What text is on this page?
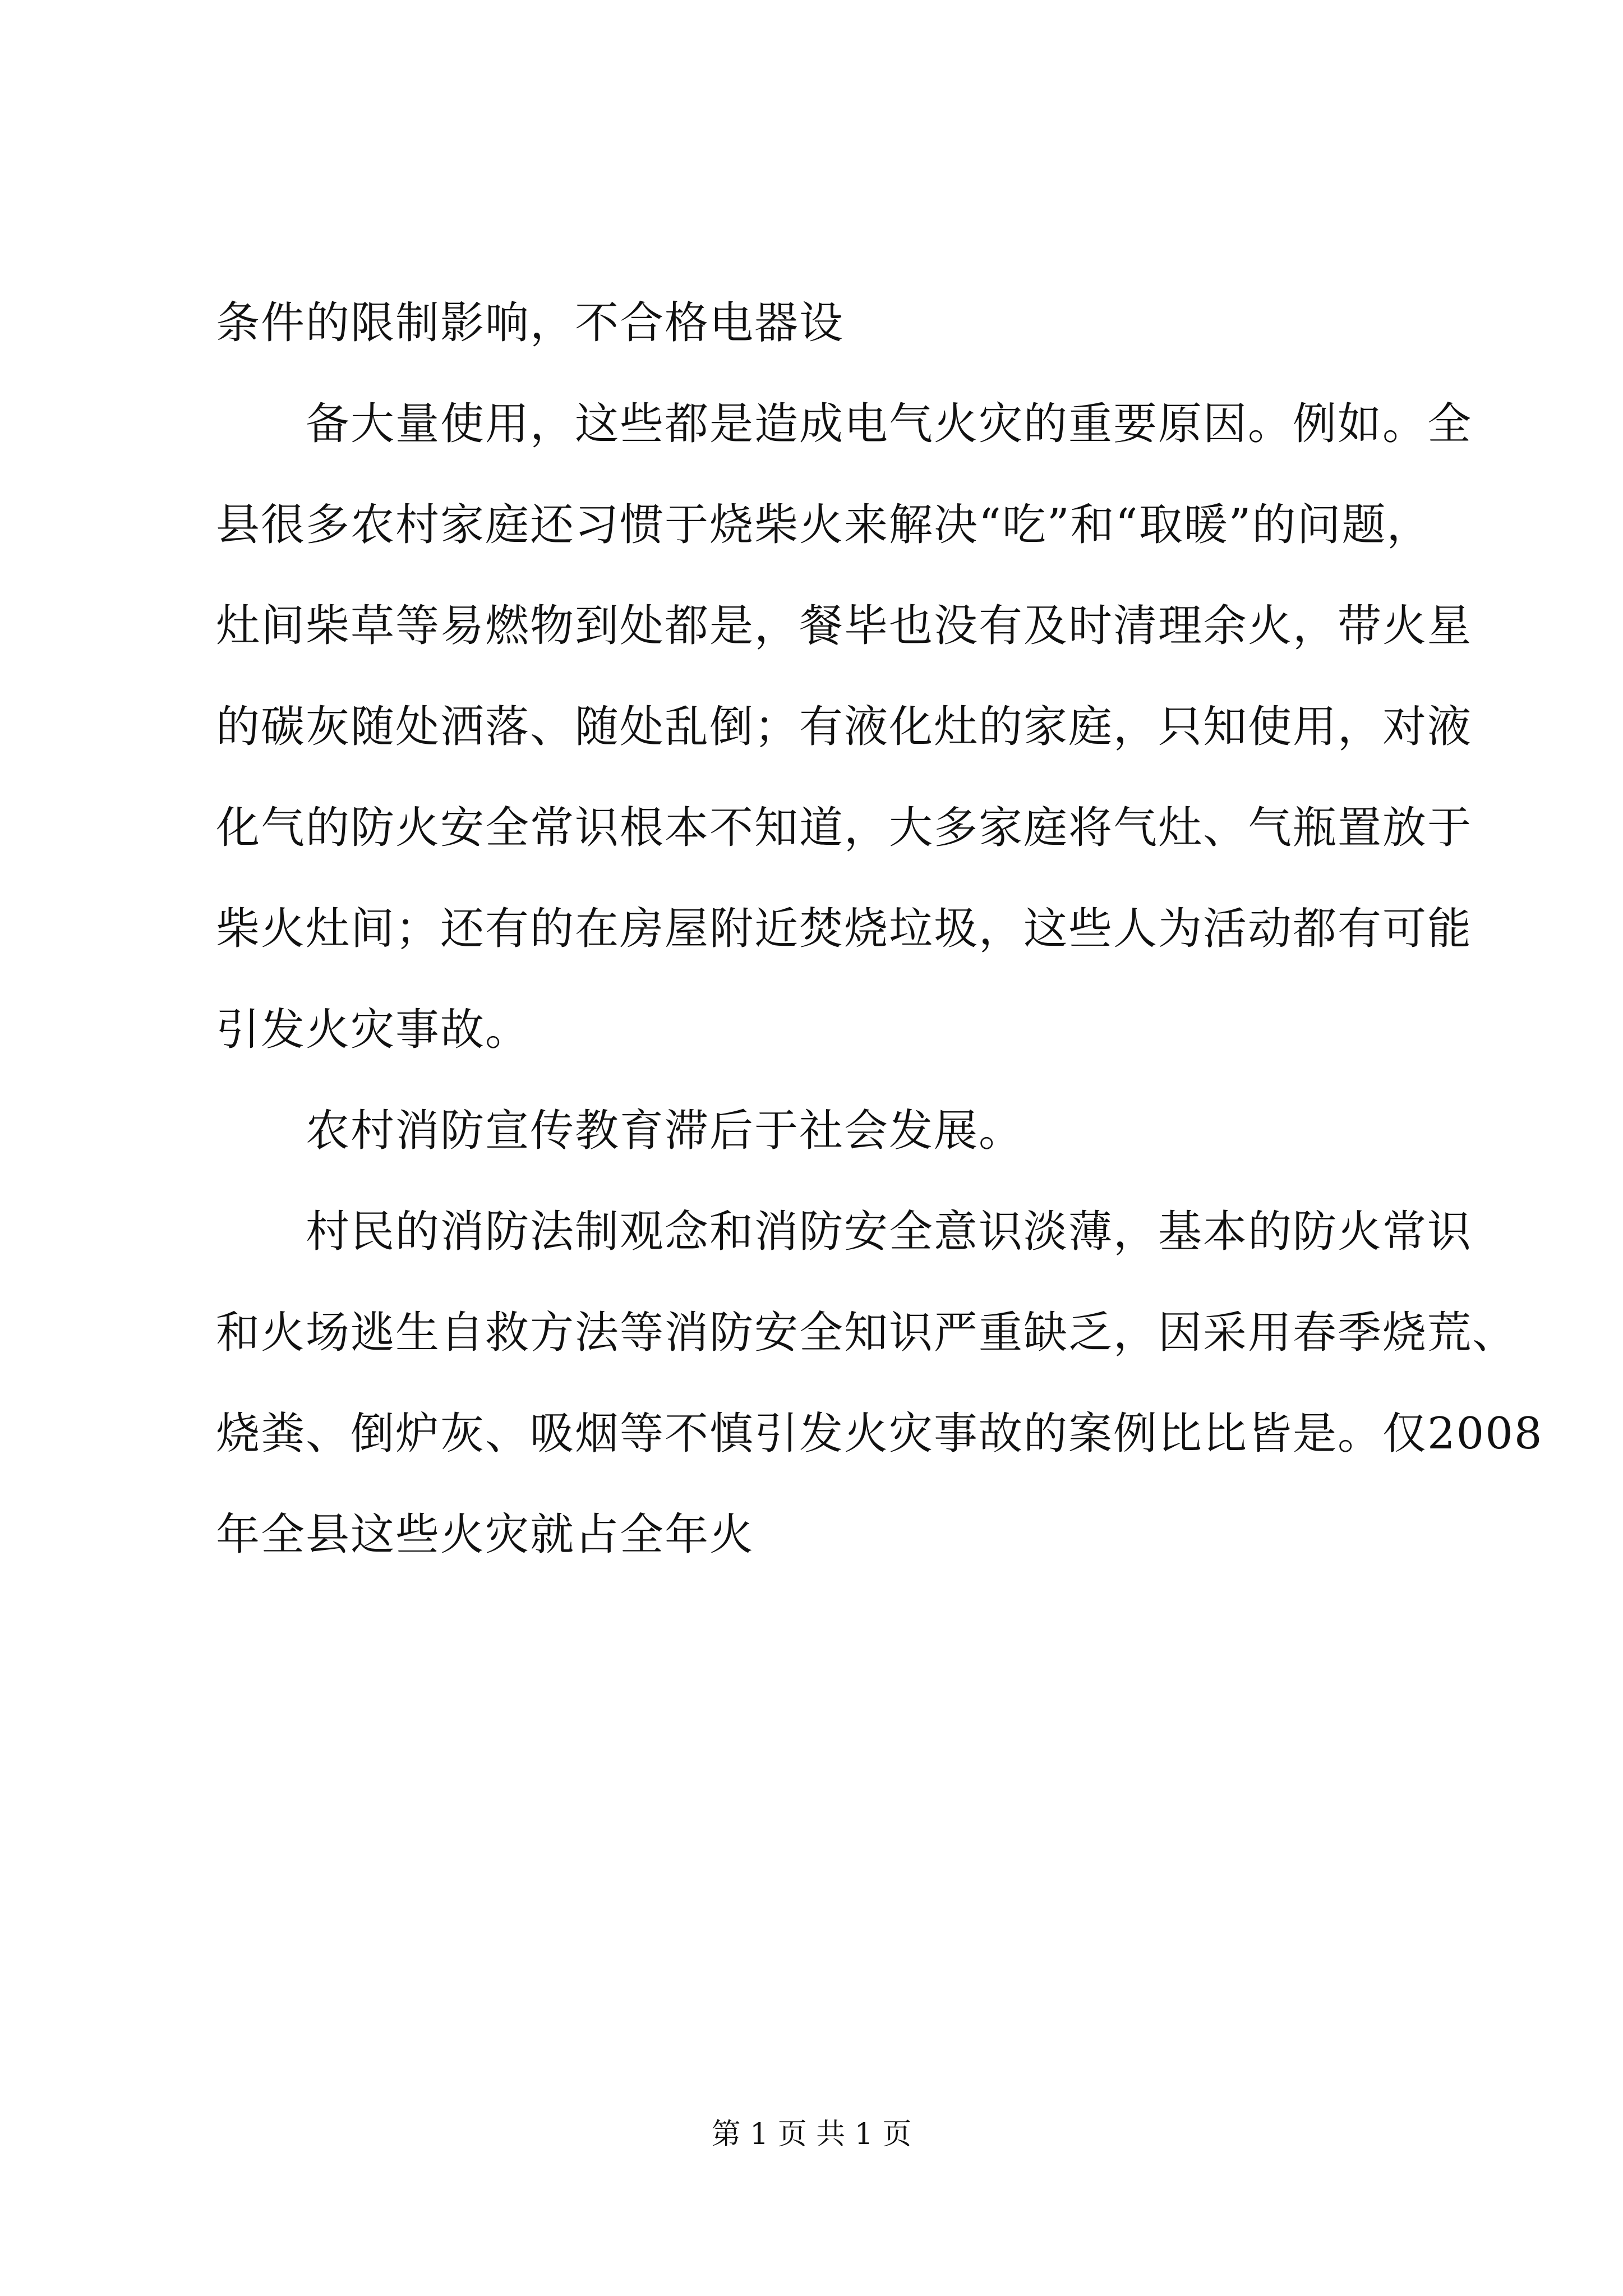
条件的限制影响，不合格电器设
备大量使用，这些都是造成电气火灾的重要原因。例如。全
县很多农村家庭还习惯于烧柴火来解决“吃”和“取暖”的问题，
灶间柴草等易燃物到处都是，餐毕也没有及时清理余火，带火星
的碳灰随处洒落、随处乱倒；有液化灶的家庭，只知使用，对液
化气的防火安全常识根本不知道，大多家庭将气灶、气瓶置放于
柴火灶间；还有的在房屋附近焚烧垃圾，这些人为活动都有可能
引发火灾事故。
农村消防宣传教育滞后于社会发展。
村民的消防法制观念和消防安全意识淡薄，基本的防火常识
和火场逃生自救方法等消防安全知识严重缺乏，因采用春季烧荒、
烧粪、倒炉灰、吸烟等不慎引发火灾事故的案例比比皆是。仅2008
年全县这些火灾就占全年火
第 1 页 共 1 页
